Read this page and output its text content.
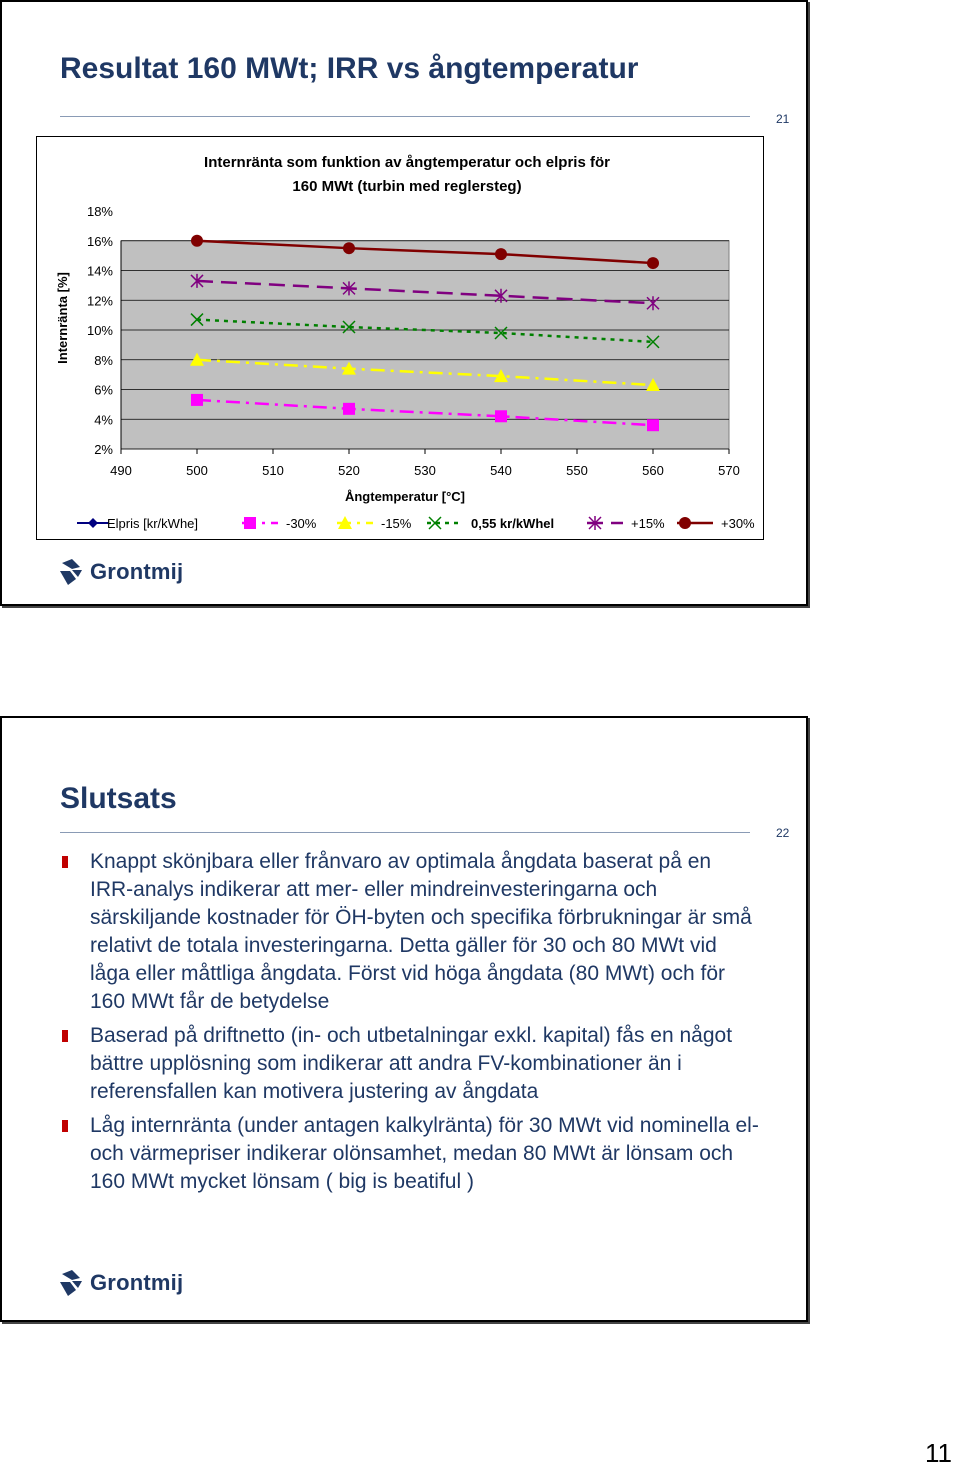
Resultat 160 MWt; IRR vs ångtemperatur
21
Internränta som funktion av ångtemperatur och elpris för
160 MWt (turbin med reglersteg)
2%
4%
6%
8%
10%
12%
14%
16%
18%
490	500	510	520	530	540	550	560	570
Ångtemperatur [°C]
Internränta [%]
Elpris [kr/kWhe]	-30%	-15%	0,55 kr/kWhel	+15%	+30%
Grontmij
Slutsats
22
Knappt skönjbara eller frånvaro av optimala ångdata baserat på en IRR-analys indikerar att mer- eller mindreinvesteringarna och särskiljande kostnader för ÖH-byten och specifika förbrukningar är små relativt de totala investeringarna. Detta gäller för 30 och 80 MWt vid låga eller måttliga ångdata. Först vid höga ångdata (80 MWt) och för 160 MWt får de betydelse
Baserad på driftnetto (in- och utbetalningar exkl. kapital) fås en något bättre upplösning som indikerar att andra FV-kombinationer än i referensfallen kan motivera justering av ångdata
Låg internränta (under antagen kalkylränta) för 30 MWt vid nominella el- och värmepriser indikerar olönsamhet, medan 80 MWt är lönsam och 160 MWt mycket lönsam ( big is beatiful )
Grontmij
11
